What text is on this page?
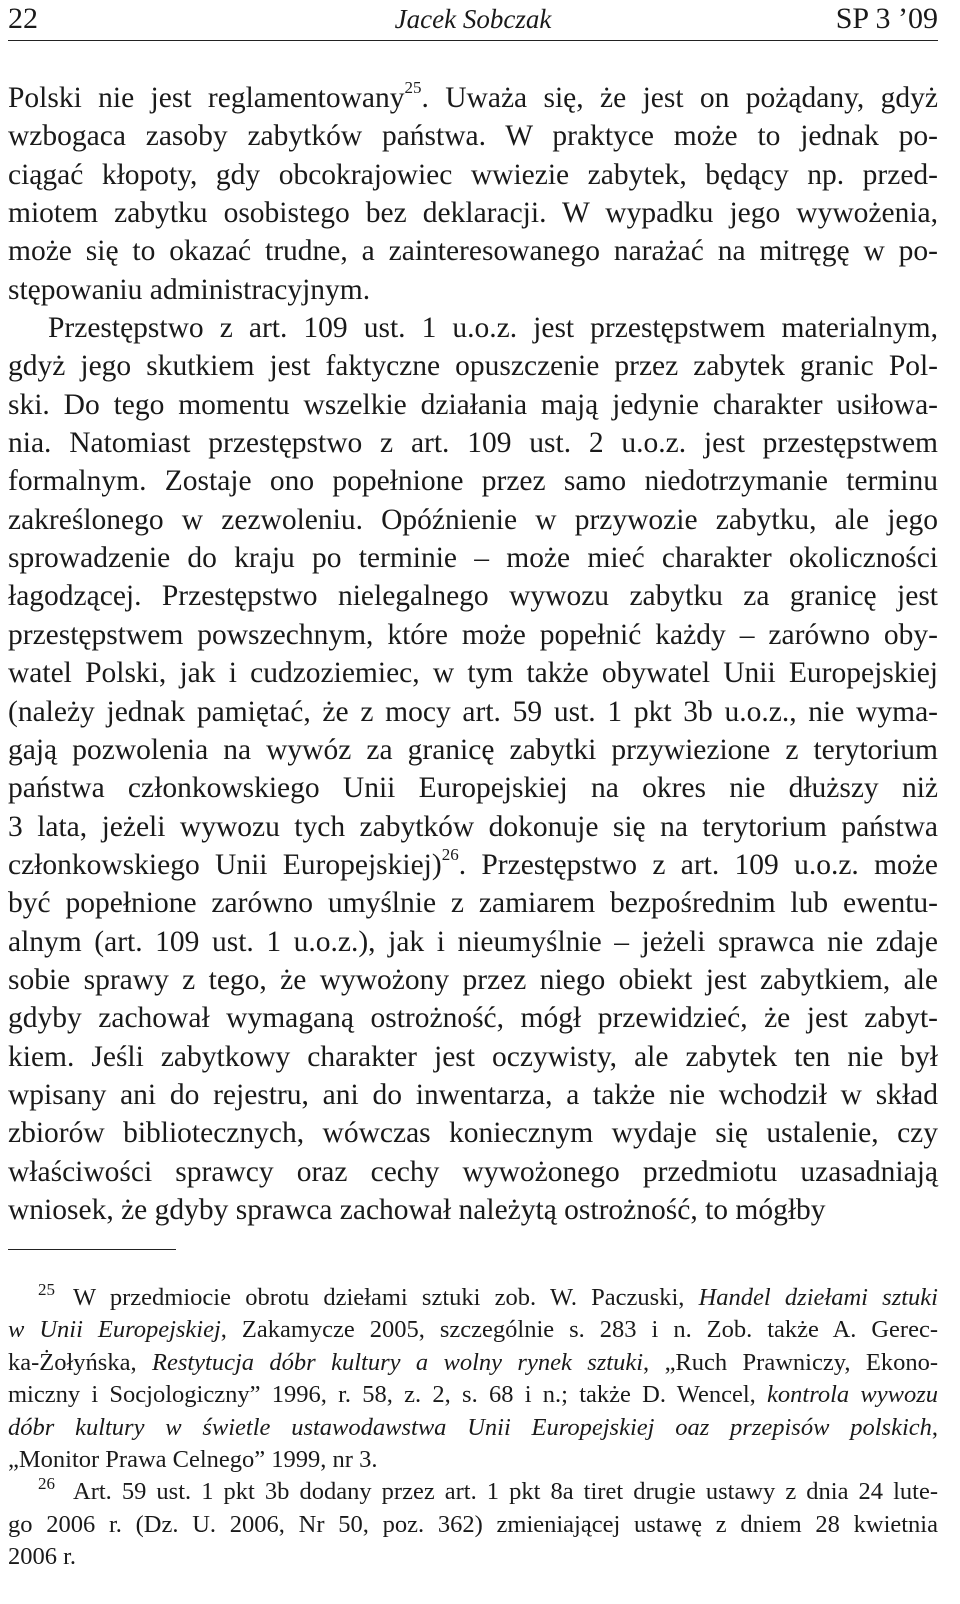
22	Jacek Sobczak	SP 3 ’09
Polski nie jest reglamentowany$^{25}$. Uważa się, że jest on pożądany, gdyż
wzbogaca zasoby zabytków państwa. W praktyce może to jednak po-
ciągać kłopoty, gdy obcokrajowiec wwiezie zabytek, będący np. przed-
miotem zabytku osobistego bez deklaracji. W wypadku jego wywożenia,
może się to okazać trudne, a zainteresowanego narażać na mitręgę w po-
stępowaniu administracyjnym.
Przestępstwo z art. 109 ust. 1 u.o.z. jest przestępstwem materialnym,
gdyż jego skutkiem jest faktyczne opuszczenie przez zabytek granic Pol-
ski. Do tego momentu wszelkie działania mają jedynie charakter usiłowa-
nia. Natomiast przestępstwo z art. 109 ust. 2 u.o.z. jest przestępstwem
formalnym. Zostaje ono popełnione przez samo niedotrzymanie terminu
zakreślonego w zezwoleniu. Opóźnienie w przywozie zabytku, ale jego
sprowadzenie do kraju po terminie – może mieć charakter okoliczności
łagodzącej. Przestępstwo nielegalnego wywozu zabytku za granicę jest
przestępstwem powszechnym, które może popełnić każdy – zarówno oby-
watel Polski, jak i cudzoziemiec, w tym także obywatel Unii Europejskiej
(należy jednak pamiętać, że z mocy art. 59 ust. 1 pkt 3b u.o.z., nie wyma-
gają pozwolenia na wywóz za granicę zabytki przywiezione z terytorium
państwa członkowskiego Unii Europejskiej na okres nie dłuższy niż
3 lata, jeżeli wywozu tych zabytków dokonuje się na terytorium państwa
członkowskiego Unii Europejskiej)$^{26}$. Przestępstwo z art. 109 u.o.z. może
być popełnione zarówno umyślnie z zamiarem bezpośrednim lub ewentu-
alnym (art. 109 ust. 1 u.o.z.), jak i nieumyślnie – jeżeli sprawca nie zdaje
sobie sprawy z tego, że wywożony przez niego obiekt jest zabytkiem, ale
gdyby zachował wymaganą ostrożność, mógł przewidzieć, że jest zabyt-
kiem. Jeśli zabytkowy charakter jest oczywisty, ale zabytek ten nie był
wpisany ani do rejestru, ani do inwentarza, a także nie wchodził w skład
zbiorów bibliotecznych, wówczas koniecznym wydaje się ustalenie, czy
właściwości sprawcy oraz cechy wywożonego przedmiotu uzasadniają
wniosek, że gdyby sprawca zachował należytą ostrożność, to mógłby
$^{25}$ W przedmiocie obrotu dziełami sztuki zob. W. Paczuski, Handel dziełami sztuki
w Unii Europejskiej, Zakamycze 2005, szczególnie s. 283 i n. Zob. także A. Gerec-
ka-Żołyńska, Restytucja dóbr kultury a wolny rynek sztuki, „Ruch Prawniczy, Ekono-
miczny i Socjologiczny” 1996, r. 58, z. 2, s. 68 i n.; także D. Wencel, kontrola wywozu
dóbr kultury w świetle ustawodawstwa Unii Europejskiej oaz przepisów polskich,
„Monitor Prawa Celnego” 1999, nr 3.
$^{26}$ Art. 59 ust. 1 pkt 3b dodany przez art. 1 pkt 8a tiret drugie ustawy z dnia 24 lute-
go 2006 r. (Dz. U. 2006, Nr 50, poz. 362) zmieniającej ustawę z dniem 28 kwietnia
2006 r.
